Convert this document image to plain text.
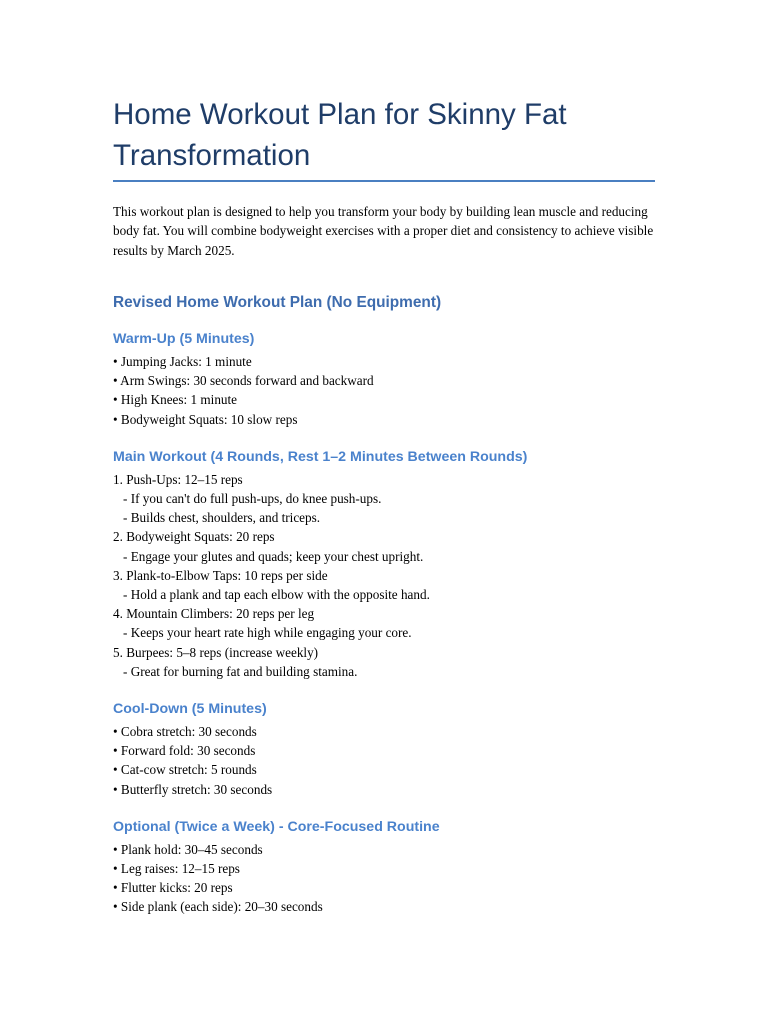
Home Workout Plan for Skinny Fat Transformation

This workout plan is designed to help you transform your body by building lean muscle and reducing body fat. You will combine bodyweight exercises with a proper diet and consistency to achieve visible results by March 2025.

Revised Home Workout Plan (No Equipment)
Warm-Up (5 Minutes)
• Jumping Jacks: 1 minute
• Arm Swings: 30 seconds forward and backward
• High Knees: 1 minute
• Bodyweight Squats: 10 slow reps
Main Workout (4 Rounds, Rest 1–2 Minutes Between Rounds)
1. Push-Ups: 12–15 reps
- If you can't do full push-ups, do knee push-ups.
- Builds chest, shoulders, and triceps.
2. Bodyweight Squats: 20 reps
- Engage your glutes and quads; keep your chest upright.
3. Plank-to-Elbow Taps: 10 reps per side
- Hold a plank and tap each elbow with the opposite hand.
4. Mountain Climbers: 20 reps per leg
- Keeps your heart rate high while engaging your core.
5. Burpees: 5–8 reps (increase weekly)
- Great for burning fat and building stamina.
Cool-Down (5 Minutes)
• Cobra stretch: 30 seconds
• Forward fold: 30 seconds
• Cat-cow stretch: 5 rounds
• Butterfly stretch: 30 seconds
Optional (Twice a Week) - Core-Focused Routine
• Plank hold: 30–45 seconds
• Leg raises: 12–15 reps
• Flutter kicks: 20 reps
• Side plank (each side): 20–30 seconds
